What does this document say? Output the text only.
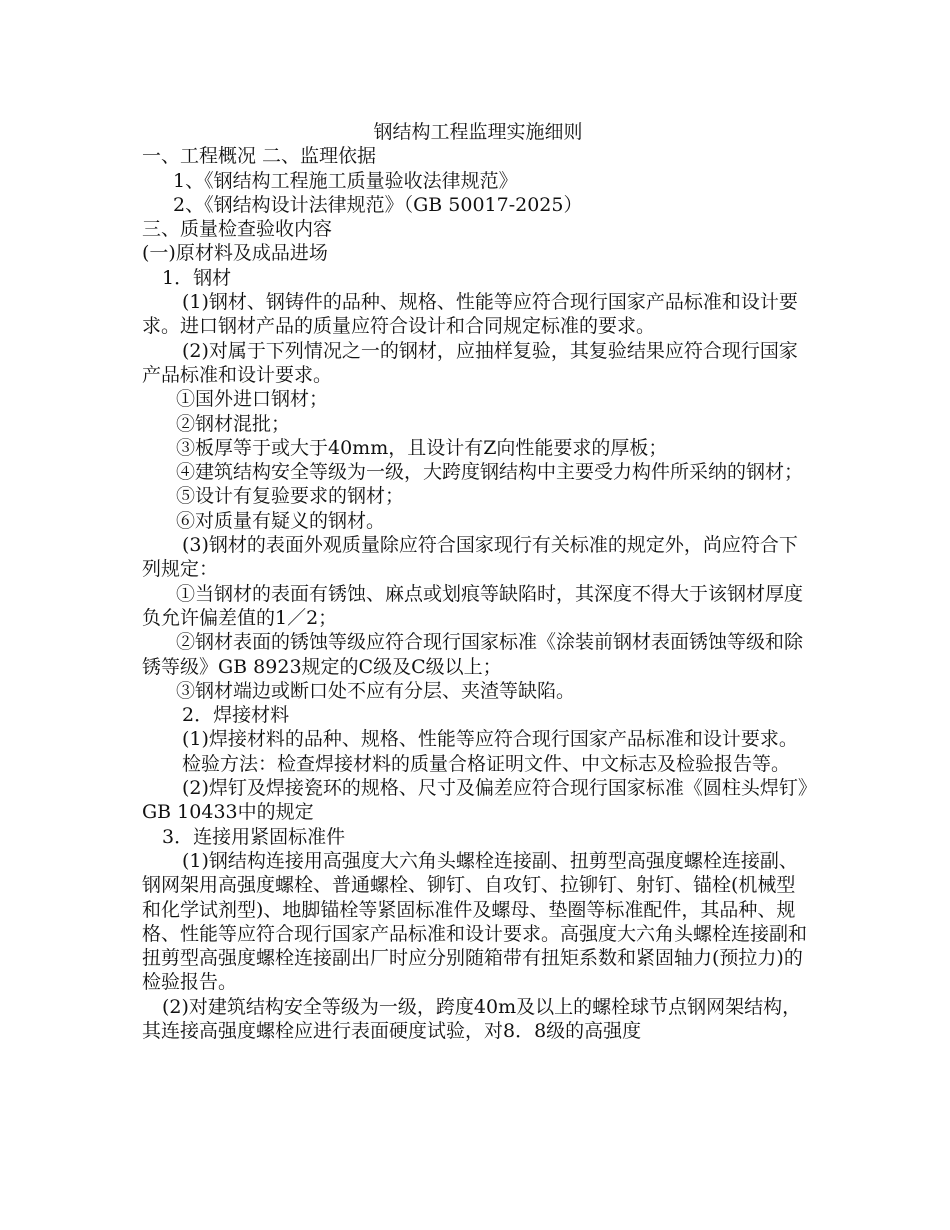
钢结构工程监理实施细则
一、工程概况 二、监理依据
1、《钢结构工程施工质量验收法律规范》
2、《钢结构设计法律规范》（GB 50017-2025）
三、质量检查验收内容
(一)原材料及成品进场
1．钢材
(1)钢材、钢铸件的品种、规格、性能等应符合现行国家产品标准和设计要求。进口钢材产品的质量应符合设计和合同规定标准的要求。
(2)对属于下列情况之一的钢材，应抽样复验，其复验结果应符合现行国家产品标准和设计要求。
①国外进口钢材；
②钢材混批；
③板厚等于或大于40mm，且设计有Z向性能要求的厚板；
④建筑结构安全等级为一级，大跨度钢结构中主要受力构件所采纳的钢材；
⑤设计有复验要求的钢材；
⑥对质量有疑义的钢材。
(3)钢材的表面外观质量除应符合国家现行有关标准的规定外，尚应符合下列规定：
①当钢材的表面有锈蚀、麻点或划痕等缺陷时，其深度不得大于该钢材厚度负允许偏差值的1／2；
②钢材表面的锈蚀等级应符合现行国家标准《涂装前钢材表面锈蚀等级和除锈等级》GB 8923规定的C级及C级以上；
③钢材端边或断口处不应有分层、夹渣等缺陷。
2．焊接材料
(1)焊接材料的品种、规格、性能等应符合现行国家产品标准和设计要求。
检验方法：检查焊接材料的质量合格证明文件、中文标志及检验报告等。
(2)焊钉及焊接瓷环的规格、尺寸及偏差应符合现行国家标准《圆柱头焊钉》GB 10433中的规定
3．连接用紧固标准件
(1)钢结构连接用高强度大六角头螺栓连接副、扭剪型高强度螺栓连接副、钢网架用高强度螺栓、普通螺栓、铆钉、自攻钉、拉铆钉、射钉、锚栓(机械型和化学试剂型)、地脚锚栓等紧固标准件及螺母、垫圈等标准配件，其品种、规格、性能等应符合现行国家产品标准和设计要求。高强度大六角头螺栓连接副和扭剪型高强度螺栓连接副出厂时应分别随箱带有扭矩系数和紧固轴力(预拉力)的检验报告。
(2)对建筑结构安全等级为一级，跨度40m及以上的螺栓球节点钢网架结构，其连接高强度螺栓应进行表面硬度试验，对8．8级的高强度
